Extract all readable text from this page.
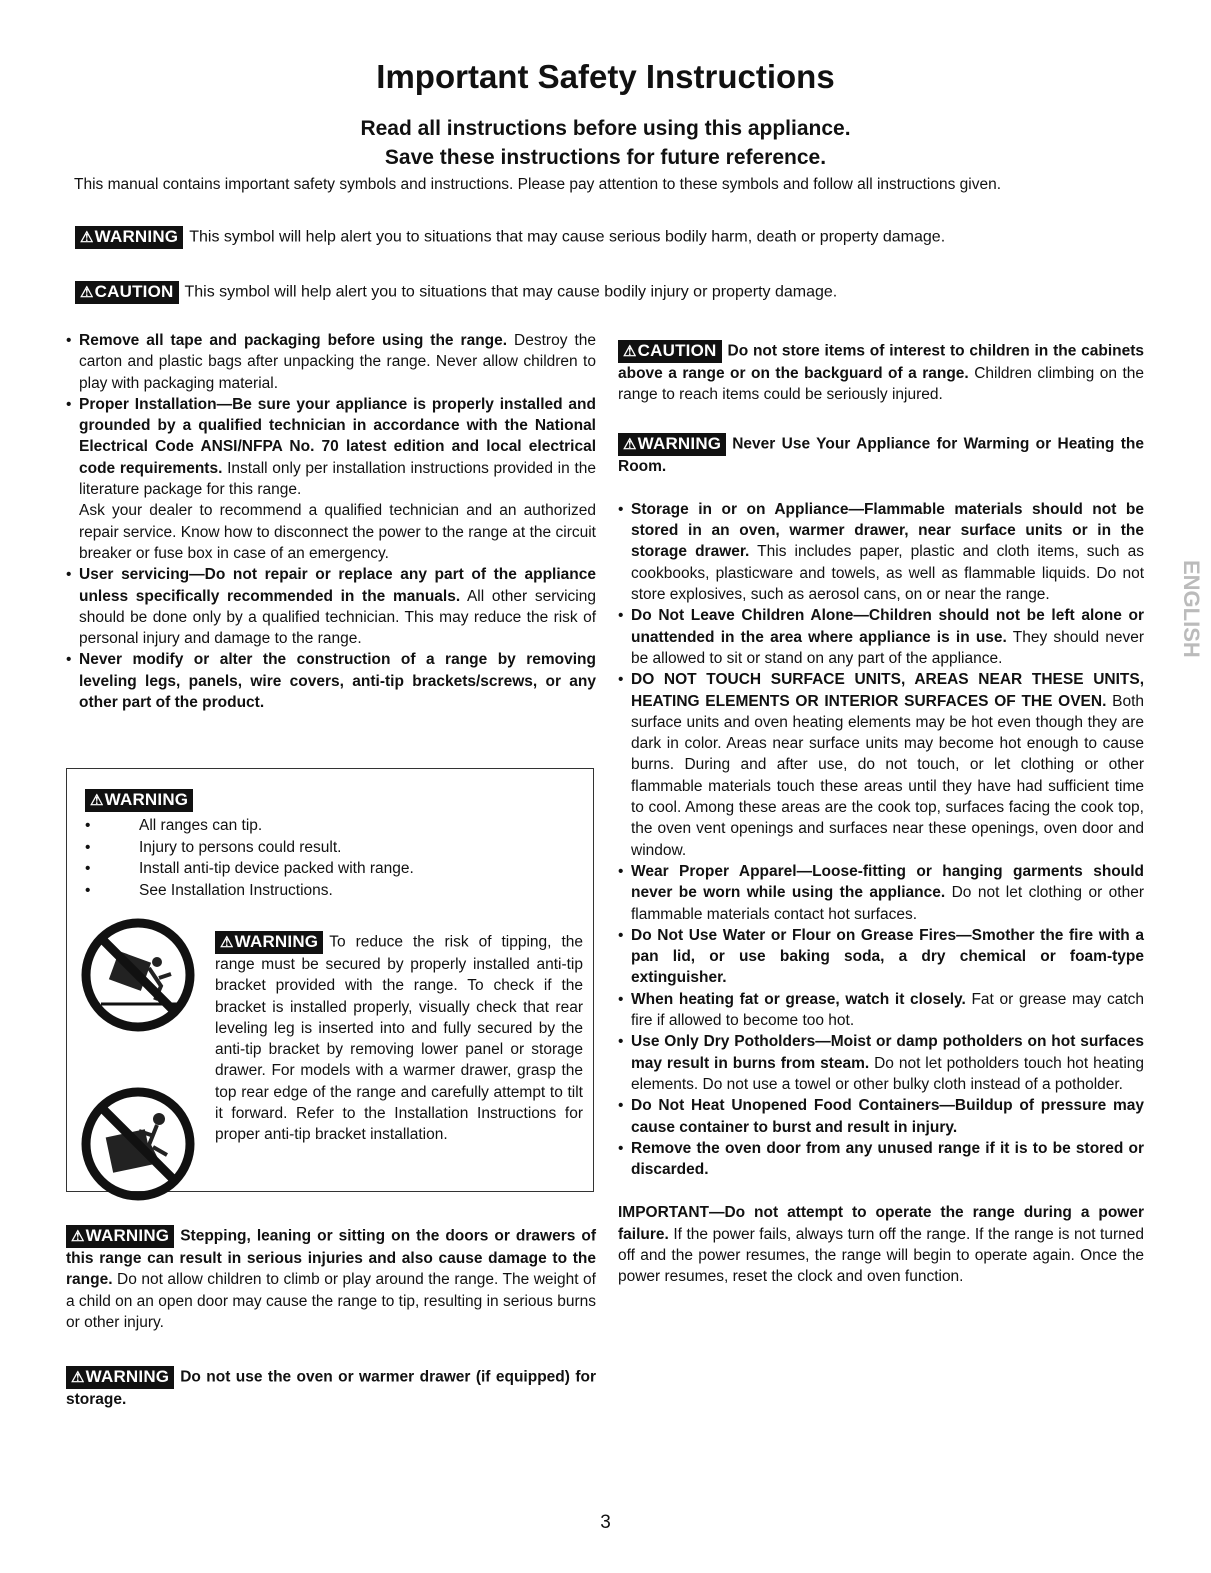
Important Safety Instructions
Read all instructions before using this appliance.
Save these instructions for future reference.
This manual contains important safety symbols and instructions. Please pay attention to these symbols and follow all instructions given.
⚠WARNING This symbol will help alert you to situations that may cause serious bodily harm, death or property damage.
⚠CAUTION This symbol will help alert you to situations that may cause bodily injury or property damage.

• Remove all tape and packaging before using the range. Destroy the carton and plastic bags after unpacking the range. Never allow children to play with packaging material.

• Proper Installation—Be sure your appliance is properly installed and grounded by a qualified technician in accordance with the National Electrical Code ANSI/NFPA No. 70 latest edition and local electrical code requirements. Install only per installation instructions provided in the literature package for this range.

Ask your dealer to recommend a qualified technician and an authorized repair service. Know how to disconnect the power to the range at the circuit breaker or fuse box in case of an emergency.

• User servicing—Do not repair or replace any part of the appliance unless specifically recommended in the manuals. All other servicing should be done only by a qualified technician. This may reduce the risk of personal injury and damage to the range.

• Never modify or alter the construction of a range by removing leveling legs, panels, wire covers, anti-tip brackets/screws, or any other part of the product.

⚠WARNING
• All ranges can tip.
• Injury to persons could result.
• Install anti-tip device packed with range.
• See Installation Instructions.
⚠WARNING To reduce the risk of tipping, the range must be secured by properly installed anti-tip bracket provided with the range. To check if the bracket is installed properly, visually check that rear leveling leg is inserted into and fully secured by the anti-tip bracket by removing lower panel or storage drawer. For models with a warmer drawer, grasp the top rear edge of the range and carefully attempt to tilt it forward. Refer to the Installation Instructions for proper anti-tip bracket installation.

⚠WARNING Stepping, leaning or sitting on the doors or drawers of this range can result in serious injuries and also cause damage to the range. Do not allow children to climb or play around the range. The weight of a child on an open door may cause the range to tip, resulting in serious burns or other injury.

⚠WARNING Do not use the oven or warmer drawer (if equipped) for storage.

⚠CAUTION Do not store items of interest to children in the cabinets above a range or on the backguard of a range. Children climbing on the range to reach items could be seriously injured.

⚠WARNING Never Use Your Appliance for Warming or Heating the Room.

• Storage in or on Appliance—Flammable materials should not be stored in an oven, warmer drawer, near surface units or in the storage drawer. This includes paper, plastic and cloth items, such as cookbooks, plasticware and towels, as well as flammable liquids. Do not store explosives, such as aerosol cans, on or near the range.

• Do Not Leave Children Alone—Children should not be left alone or unattended in the area where appliance is in use. They should never be allowed to sit or stand on any part of the appliance.

• DO NOT TOUCH SURFACE UNITS, AREAS NEAR THESE UNITS, HEATING ELEMENTS OR INTERIOR SURFACES OF THE OVEN. Both surface units and oven heating elements may be hot even though they are dark in color. Areas near surface units may become hot enough to cause burns. During and after use, do not touch, or let clothing or other flammable materials touch these areas until they have had sufficient time to cool. Among these areas are the cook top, surfaces facing the cook top, the oven vent openings and surfaces near these openings, oven door and window.

• Wear Proper Apparel—Loose-fitting or hanging garments should never be worn while using the appliance. Do not let clothing or other flammable materials contact hot surfaces.

• Do Not Use Water or Flour on Grease Fires—Smother the fire with a pan lid, or use baking soda, a dry chemical or foam-type extinguisher.

• When heating fat or grease, watch it closely. Fat or grease may catch fire if allowed to become too hot.

• Use Only Dry Potholders—Moist or damp potholders on hot surfaces may result in burns from steam. Do not let potholders touch hot heating elements. Do not use a towel or other bulky cloth instead of a potholder.

• Do Not Heat Unopened Food Containers—Buildup of pressure may cause container to burst and result in injury.

• Remove the oven door from any unused range if it is to be stored or discarded.

IMPORTANT—Do not attempt to operate the range during a power failure. If the power fails, always turn off the range. If the range is not turned off and the power resumes, the range will begin to operate again. Once the power resumes, reset the clock and oven function.

ENGLISH
3
